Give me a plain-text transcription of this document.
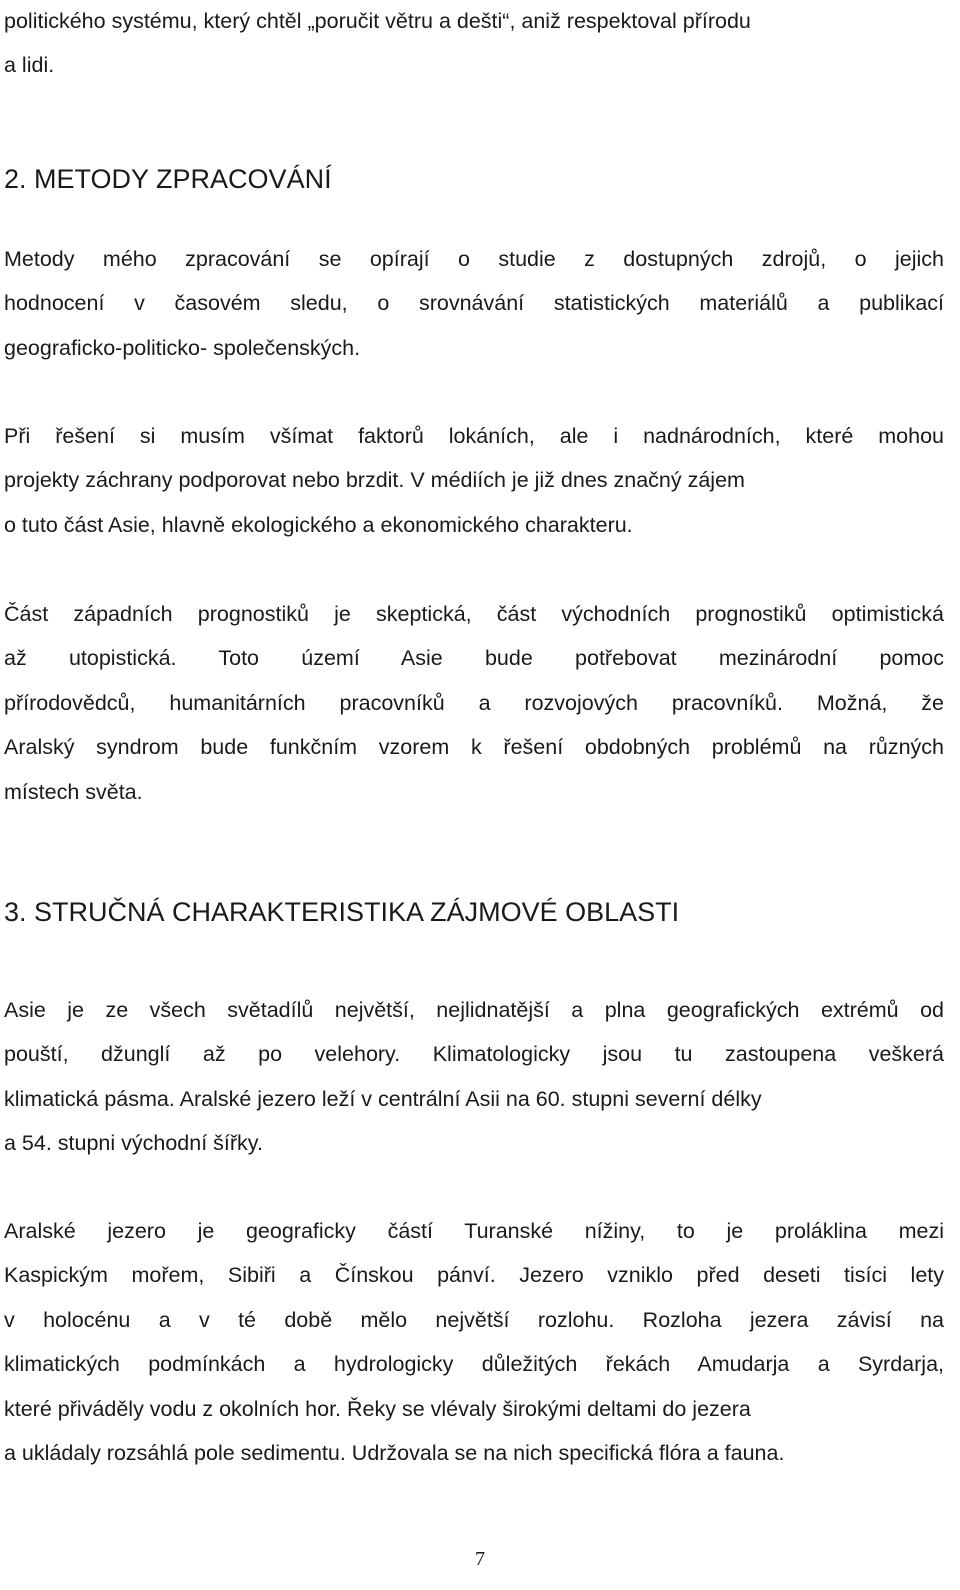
politického systému, který chtěl „poručit větru a dešti“, aniž respektoval přírodu
a lidi.
2. METODY ZPRACOVÁNÍ
Metody mého zpracování se opírají o studie z dostupných zdrojů, o jejich
hodnocení v časovém sledu, o srovnávání statistických materiálů a publikací
geograficko-politicko- společenských.
Při řešení si musím všímat faktorů lokáních, ale i nadnárodních, které mohou
projekty záchrany podporovat nebo brzdit. V médiích je již dnes značný zájem
o tuto část Asie, hlavně ekologického a ekonomického charakteru.
Část západních prognostiků je skeptická, část východních prognostiků optimistická
až utopistická. Toto území Asie bude potřebovat mezinárodní pomoc
přírodovědců, humanitárních pracovníků a rozvojových pracovníků. Možná, že
Aralský syndrom bude funkčním vzorem k řešení obdobných problémů na různých
místech světa.
3. STRUČNÁ CHARAKTERISTIKA ZÁJMOVÉ OBLASTI
Asie je ze všech světadílů největší, nejlidnatější a plna geografických extrémů od
pouští, džunglí až po velehory. Klimatologicky jsou tu zastoupena veškerá
klimatická pásma. Aralské jezero leží v centrální Asii na 60. stupni severní délky
a 54. stupni východní šířky.
Aralské jezero je geograficky částí Turanské nížiny, to je proláklina mezi
Kaspickým mořem, Sibiři a Čínskou pánví. Jezero vzniklo před deseti tisíci lety
v holocénu a v té době mělo největší rozlohu. Rozloha jezera závisí na
klimatických podmínkách a hydrologicky důležitých řekách Amudarja a Syrdarja,
které přiváděly vodu z okolních hor. Řeky se vlévaly širokými deltami do jezera
a ukládaly rozsáhlá pole sedimentu. Udržovala se na nich specifická flóra a fauna.
7
